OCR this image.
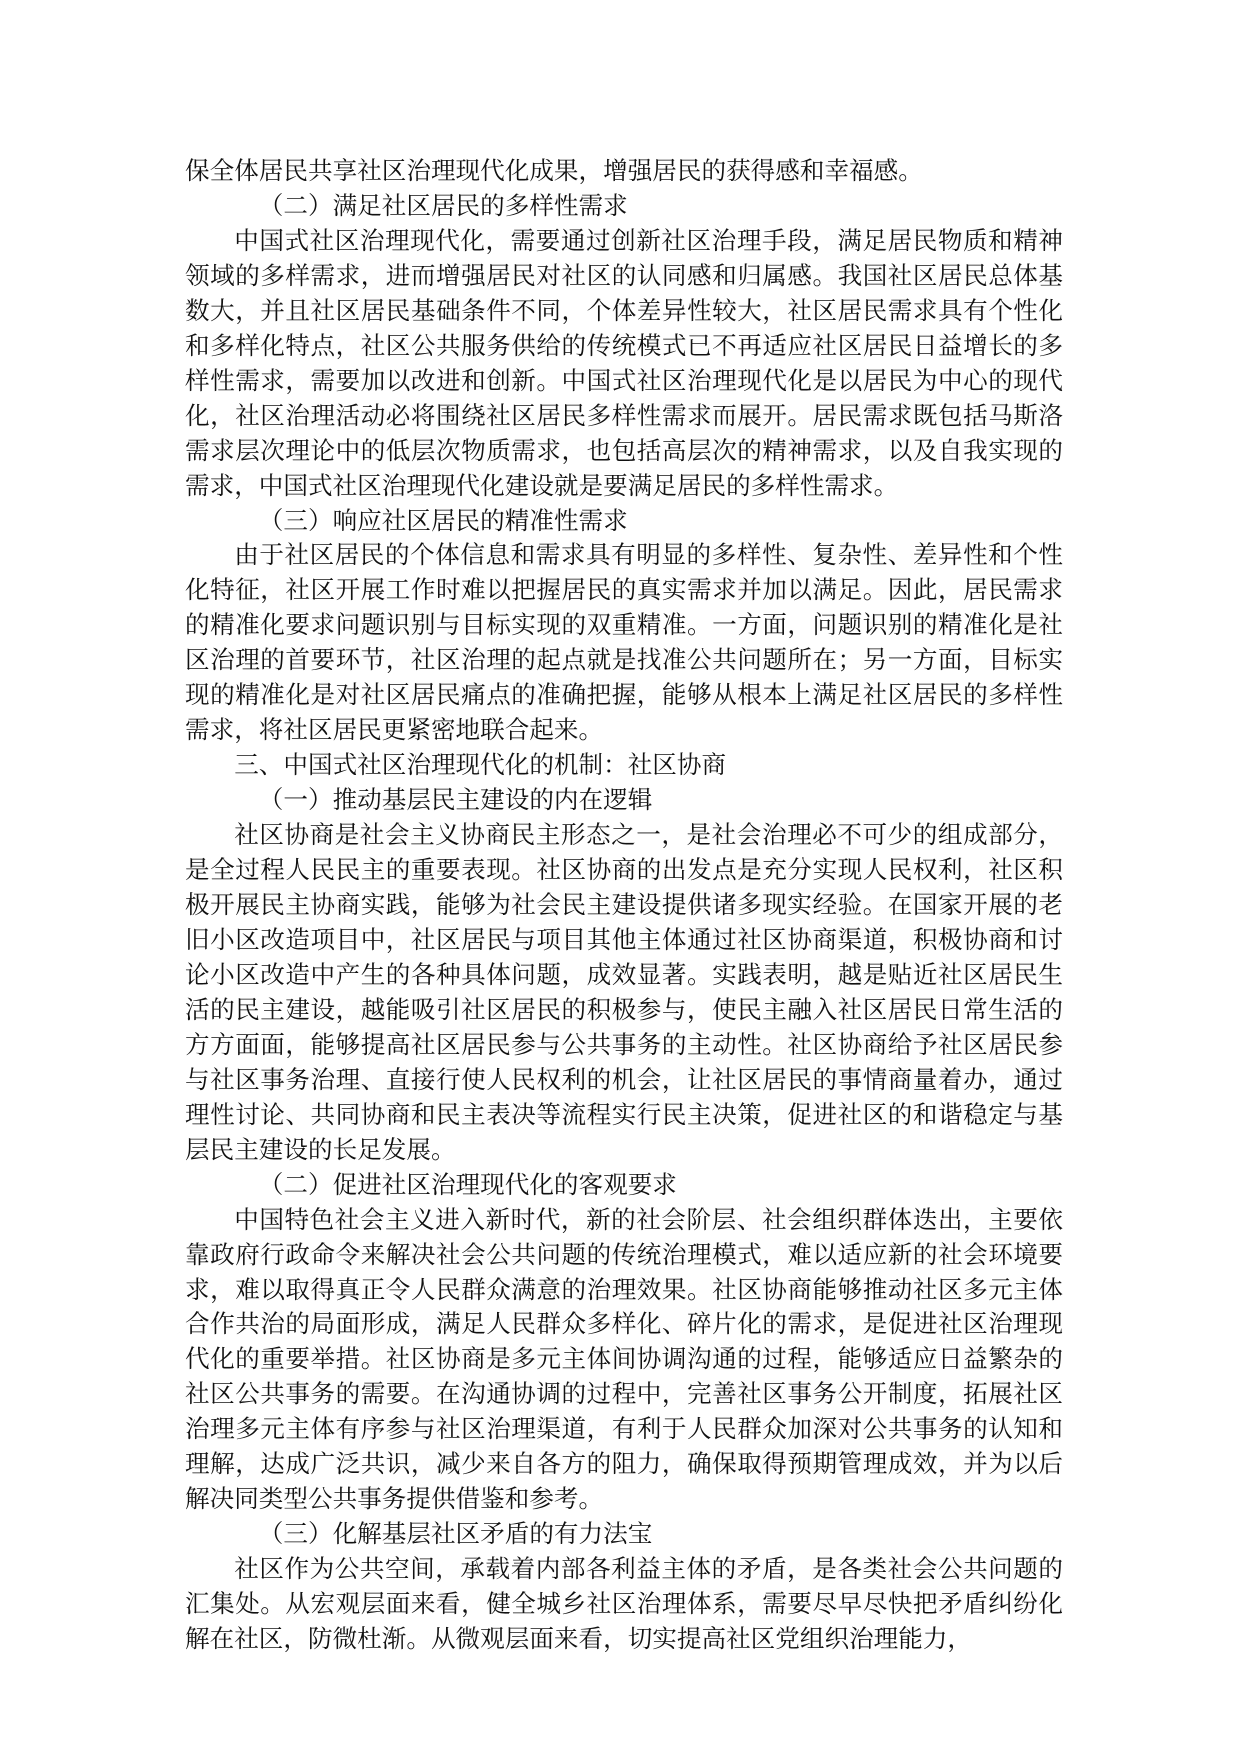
保全体居民共享社区治理现代化成果，增强居民的获得感和幸福感。

（二）满足社区居民的多样性需求

中国式社区治理现代化，需要通过创新社区治理手段，满足居民物质和精神领域的多样需求，进而增强居民对社区的认同感和归属感。我国社区居民总体基数大，并且社区居民基础条件不同，个体差异性较大，社区居民需求具有个性化和多样化特点，社区公共服务供给的传统模式已不再适应社区居民日益增长的多样性需求，需要加以改进和创新。中国式社区治理现代化是以居民为中心的现代化，社区治理活动必将围绕社区居民多样性需求而展开。居民需求既包括马斯洛需求层次理论中的低层次物质需求，也包括高层次的精神需求，以及自我实现的需求，中国式社区治理现代化建设就是要满足居民的多样性需求。

（三）响应社区居民的精准性需求

由于社区居民的个体信息和需求具有明显的多样性、复杂性、差异性和个性化特征，社区开展工作时难以把握居民的真实需求并加以满足。因此，居民需求的精准化要求问题识别与目标实现的双重精准。一方面，问题识别的精准化是社区治理的首要环节，社区治理的起点就是找准公共问题所在；另一方面，目标实现的精准化是对社区居民痛点的准确把握，能够从根本上满足社区居民的多样性需求，将社区居民更紧密地联合起来。

三、中国式社区治理现代化的机制：社区协商

（一）推动基层民主建设的内在逻辑

社区协商是社会主义协商民主形态之一，是社会治理必不可少的组成部分，是全过程人民民主的重要表现。社区协商的出发点是充分实现人民权利，社区积极开展民主协商实践，能够为社会民主建设提供诸多现实经验。在国家开展的老旧小区改造项目中，社区居民与项目其他主体通过社区协商渠道，积极协商和讨论小区改造中产生的各种具体问题，成效显著。实践表明，越是贴近社区居民生活的民主建设，越能吸引社区居民的积极参与，使民主融入社区居民日常生活的方方面面，能够提高社区居民参与公共事务的主动性。社区协商给予社区居民参与社区事务治理、直接行使人民权利的机会，让社区居民的事情商量着办，通过理性讨论、共同协商和民主表决等流程实行民主决策，促进社区的和谐稳定与基层民主建设的长足发展。

（二）促进社区治理现代化的客观要求

中国特色社会主义进入新时代，新的社会阶层、社会组织群体迭出，主要依靠政府行政命令来解决社会公共问题的传统治理模式，难以适应新的社会环境要求，难以取得真正令人民群众满意的治理效果。社区协商能够推动社区多元主体合作共治的局面形成，满足人民群众多样化、碎片化的需求，是促进社区治理现代化的重要举措。社区协商是多元主体间协调沟通的过程，能够适应日益繁杂的社区公共事务的需要。在沟通协调的过程中，完善社区事务公开制度，拓展社区治理多元主体有序参与社区治理渠道，有利于人民群众加深对公共事务的认知和理解，达成广泛共识，减少来自各方的阻力，确保取得预期管理成效，并为以后解决同类型公共事务提供借鉴和参考。

（三）化解基层社区矛盾的有力法宝

社区作为公共空间，承载着内部各利益主体的矛盾，是各类社会公共问题的汇集处。从宏观层面来看，健全城乡社区治理体系，需要尽早尽快把矛盾纠纷化解在社区，防微杜渐。从微观层面来看，切实提高社区党组织治理能力，
